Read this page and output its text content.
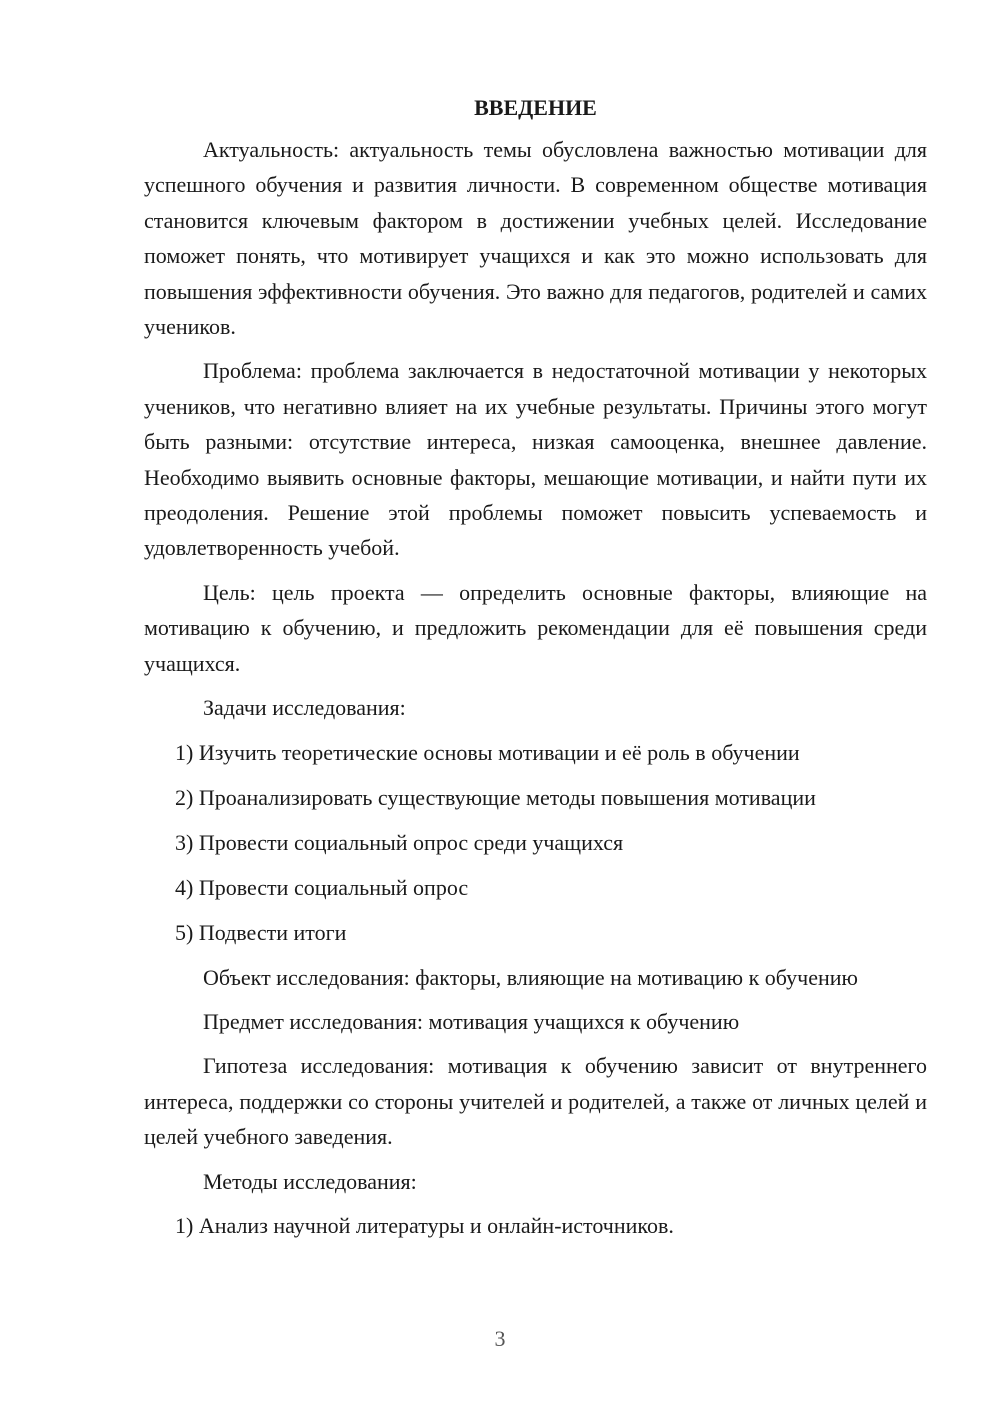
ВВЕДЕНИЕ

Актуальность: актуальность темы обусловлена важностью мотивации для успешного обучения и развития личности. В современном обществе мотивация становится ключевым фактором в достижении учебных целей. Исследование поможет понять, что мотивирует учащихся и как это можно использовать для повышения эффективности обучения. Это важно для педагогов, родителей и самих учеников.

Проблема: проблема заключается в недостаточной мотивации у некоторых учеников, что негативно влияет на их учебные результаты. Причины этого могут быть разными: отсутствие интереса, низкая самооценка, внешнее давление. Необходимо выявить основные факторы, мешающие мотивации, и найти пути их преодоления. Решение этой проблемы поможет повысить успеваемость и удовлетворенность учебой.

Цель: цель проекта — определить основные факторы, влияющие на мотивацию к обучению, и предложить рекомендации для её повышения среди учащихся.

Задачи исследования:
1) Изучить теоретические основы мотивации и её роль в обучении
2) Проанализировать существующие методы повышения мотивации
3) Провести социальный опрос среди учащихся
4) Провести социальный опрос
5) Подвести итоги

Объект исследования: факторы, влияющие на мотивацию к обучению

Предмет исследования: мотивация учащихся к обучению

Гипотеза исследования: мотивация к обучению зависит от внутреннего интереса, поддержки со стороны учителей и родителей, а также от личных целей и целей учебного заведения.

Методы исследования:
1) Анализ научной литературы и онлайн-источников.
3
